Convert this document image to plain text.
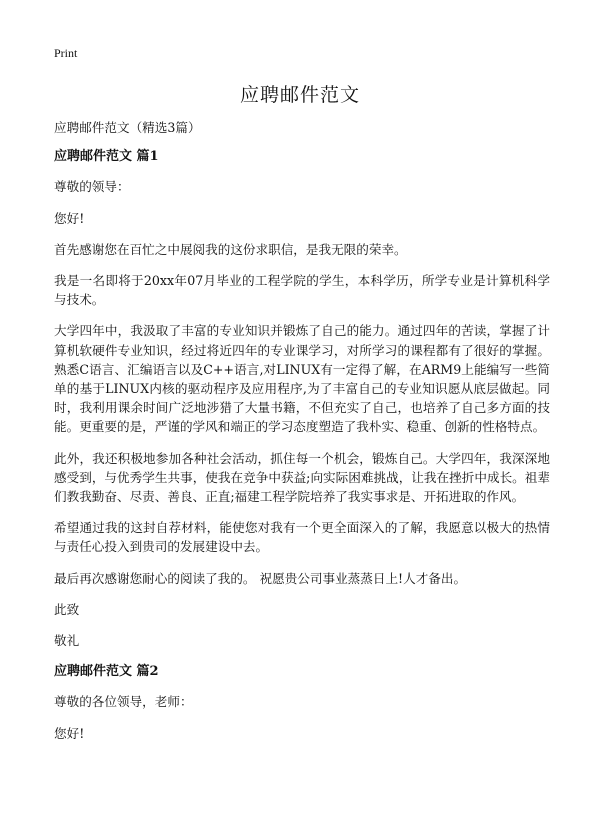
Print
应聘邮件范文

应聘邮件范文（精选3篇）

应聘邮件范文 篇1

尊敬的领导：

您好!

首先感谢您在百忙之中展阅我的这份求职信，是我无限的荣幸。

我是一名即将于20xx年07月毕业的工程学院的学生，本科学历，所学专业是计算机科学与技术。

大学四年中，我汲取了丰富的专业知识并锻炼了自己的能力。通过四年的苦读，掌握了计算机软硬件专业知识，经过将近四年的专业课学习，对所学习的课程都有了很好的掌握。熟悉C语言、汇编语言以及C++语言,对LINUX有一定得了解，在ARM9上能编写一些简单的基于LINUX内核的驱动程序及应用程序,为了丰富自己的专业知识愿从底层做起。同时，我利用课余时间广泛地涉猎了大量书籍，不但充实了自己，也培养了自己多方面的技能。更重要的是，严谨的学风和端正的学习态度塑造了我朴实、稳重、创新的性格特点。

此外，我还积极地参加各种社会活动，抓住每一个机会，锻炼自己。大学四年，我深深地感受到，与优秀学生共事，使我在竞争中获益;向实际困难挑战，让我在挫折中成长。祖辈们教我勤奋、尽责、善良、正直;福建工程学院培养了我实事求是、开拓进取的作风。

希望通过我的这封自荐材料，能使您对我有一个更全面深入的了解，我愿意以极大的热情与责任心投入到贵司的发展建设中去。

最后再次感谢您耐心的阅读了我的。 祝愿贵公司事业蒸蒸日上!人才备出。

此致

敬礼

应聘邮件范文 篇2

尊敬的各位领导，老师：

您好!
